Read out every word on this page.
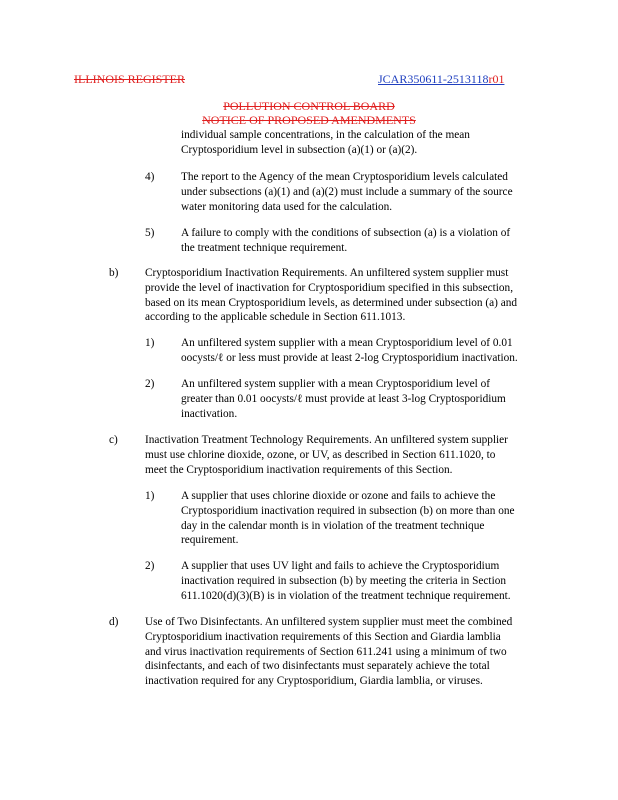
ILLINOIS REGISTER	JCAR350611-2513118r01
POLLUTION CONTROL BOARD
NOTICE OF PROPOSED AMENDMENTS
individual sample concentrations, in the calculation of the mean
Cryptosporidium level in subsection (a)(1) or (a)(2).
4) The report to the Agency of the mean Cryptosporidium levels calculated
under subsections (a)(1) and (a)(2) must include a summary of the source
water monitoring data used for the calculation.
5) A failure to comply with the conditions of subsection (a) is a violation of
the treatment technique requirement.
b) Cryptosporidium Inactivation Requirements. An unfiltered system supplier must
provide the level of inactivation for Cryptosporidium specified in this subsection,
based on its mean Cryptosporidium levels, as determined under subsection (a) and
according to the applicable schedule in Section 611.1013.
1) An unfiltered system supplier with a mean Cryptosporidium level of 0.01
oocysts/ℓ or less must provide at least 2-log Cryptosporidium inactivation.
2) An unfiltered system supplier with a mean Cryptosporidium level of
greater than 0.01 oocysts/ℓ must provide at least 3-log Cryptosporidium
inactivation.
c) Inactivation Treatment Technology Requirements. An unfiltered system supplier
must use chlorine dioxide, ozone, or UV, as described in Section 611.1020, to
meet the Cryptosporidium inactivation requirements of this Section.
1) A supplier that uses chlorine dioxide or ozone and fails to achieve the
Cryptosporidium inactivation required in subsection (b) on more than one
day in the calendar month is in violation of the treatment technique
requirement.
2) A supplier that uses UV light and fails to achieve the Cryptosporidium
inactivation required in subsection (b) by meeting the criteria in Section
611.1020(d)(3)(B) is in violation of the treatment technique requirement.
d) Use of Two Disinfectants. An unfiltered system supplier must meet the combined
Cryptosporidium inactivation requirements of this Section and Giardia lamblia
and virus inactivation requirements of Section 611.241 using a minimum of two
disinfectants, and each of two disinfectants must separately achieve the total
inactivation required for any Cryptosporidium, Giardia lamblia, or viruses.
